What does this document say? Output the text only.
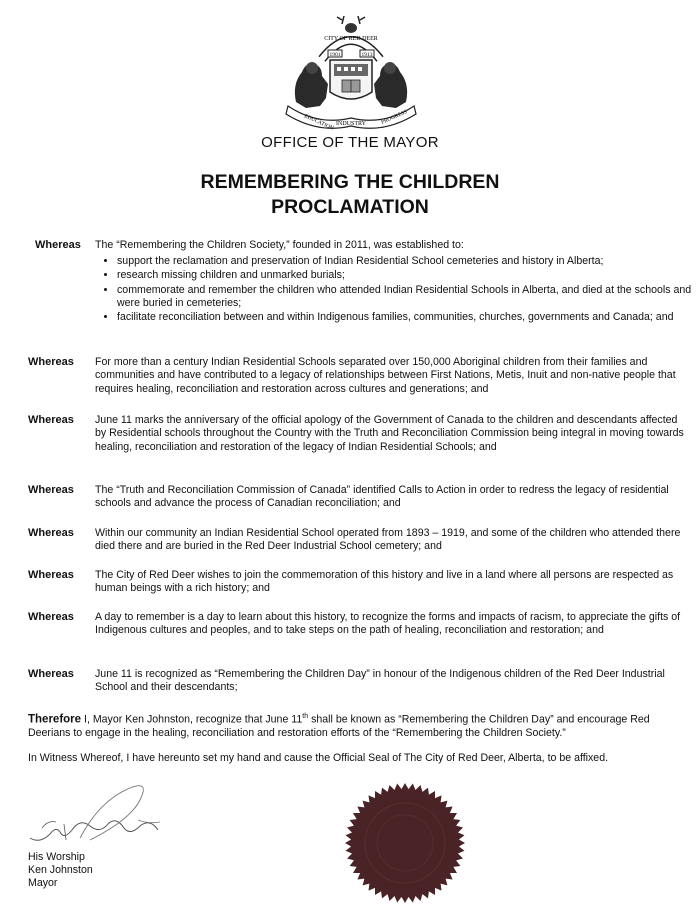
CITY OF RED DEER
1901	1913
EDUCATION INDUSTRY	PROGRESS
OFFICE OF THE MAYOR
REMEMBERING THE CHILDREN
PROCLAMATION
Whereas The “Remembering the Children Society,” founded in 2011, was established to:
• support the reclamation and preservation of Indian Residential School cemeteries and history in Alberta;
• research missing children and unmarked burials;
• commemorate and remember the children who attended Indian Residential Schools in Alberta, and died at the schools and were buried in cemeteries;
• facilitate reconciliation between and within Indigenous families, communities, churches, governments and Canada; and
Whereas For more than a century Indian Residential Schools separated over 150,000 Aboriginal children from their families and communities and have contributed to a legacy of relationships between First Nations, Metis, Inuit and non-native people that requires healing, reconciliation and restoration across cultures and generations; and
Whereas June 11 marks the anniversary of the official apology of the Government of Canada to the children and descendants affected by Residential schools throughout the Country with the Truth and Reconciliation Commission being integral in moving towards healing, reconciliation and restoration of the legacy of Indian Residential Schools; and
Whereas The “Truth and Reconciliation Commission of Canada” identified Calls to Action in order to redress the legacy of residential schools and advance the process of Canadian reconciliation; and
Whereas Within our community an Indian Residential School operated from 1893 – 1919, and some of the children who attended there died there and are buried in the Red Deer Industrial School cemetery; and
Whereas The City of Red Deer wishes to join the commemoration of this history and live in a land where all persons are respected as human beings with a rich history; and
Whereas A day to remember is a day to learn about this history, to recognize the forms and impacts of racism, to appreciate the gifts of Indigenous cultures and peoples, and to take steps on the path of healing, reconciliation and restoration; and
Whereas June 11 is recognized as “Remembering the Children Day” in honour of the Indigenous children of the Red Deer Industrial School and their descendants;
Therefore I, Mayor Ken Johnston, recognize that June 11th shall be known as “Remembering the Children Day” and encourage Red Deerians to engage in the healing, reconciliation and restoration efforts of the “Remembering the Children Society.”
In Witness Whereof, I have hereunto set my hand and cause the Official Seal of The City of Red Deer, Alberta, to be affixed.
His Worship
Ken Johnston
Mayor
